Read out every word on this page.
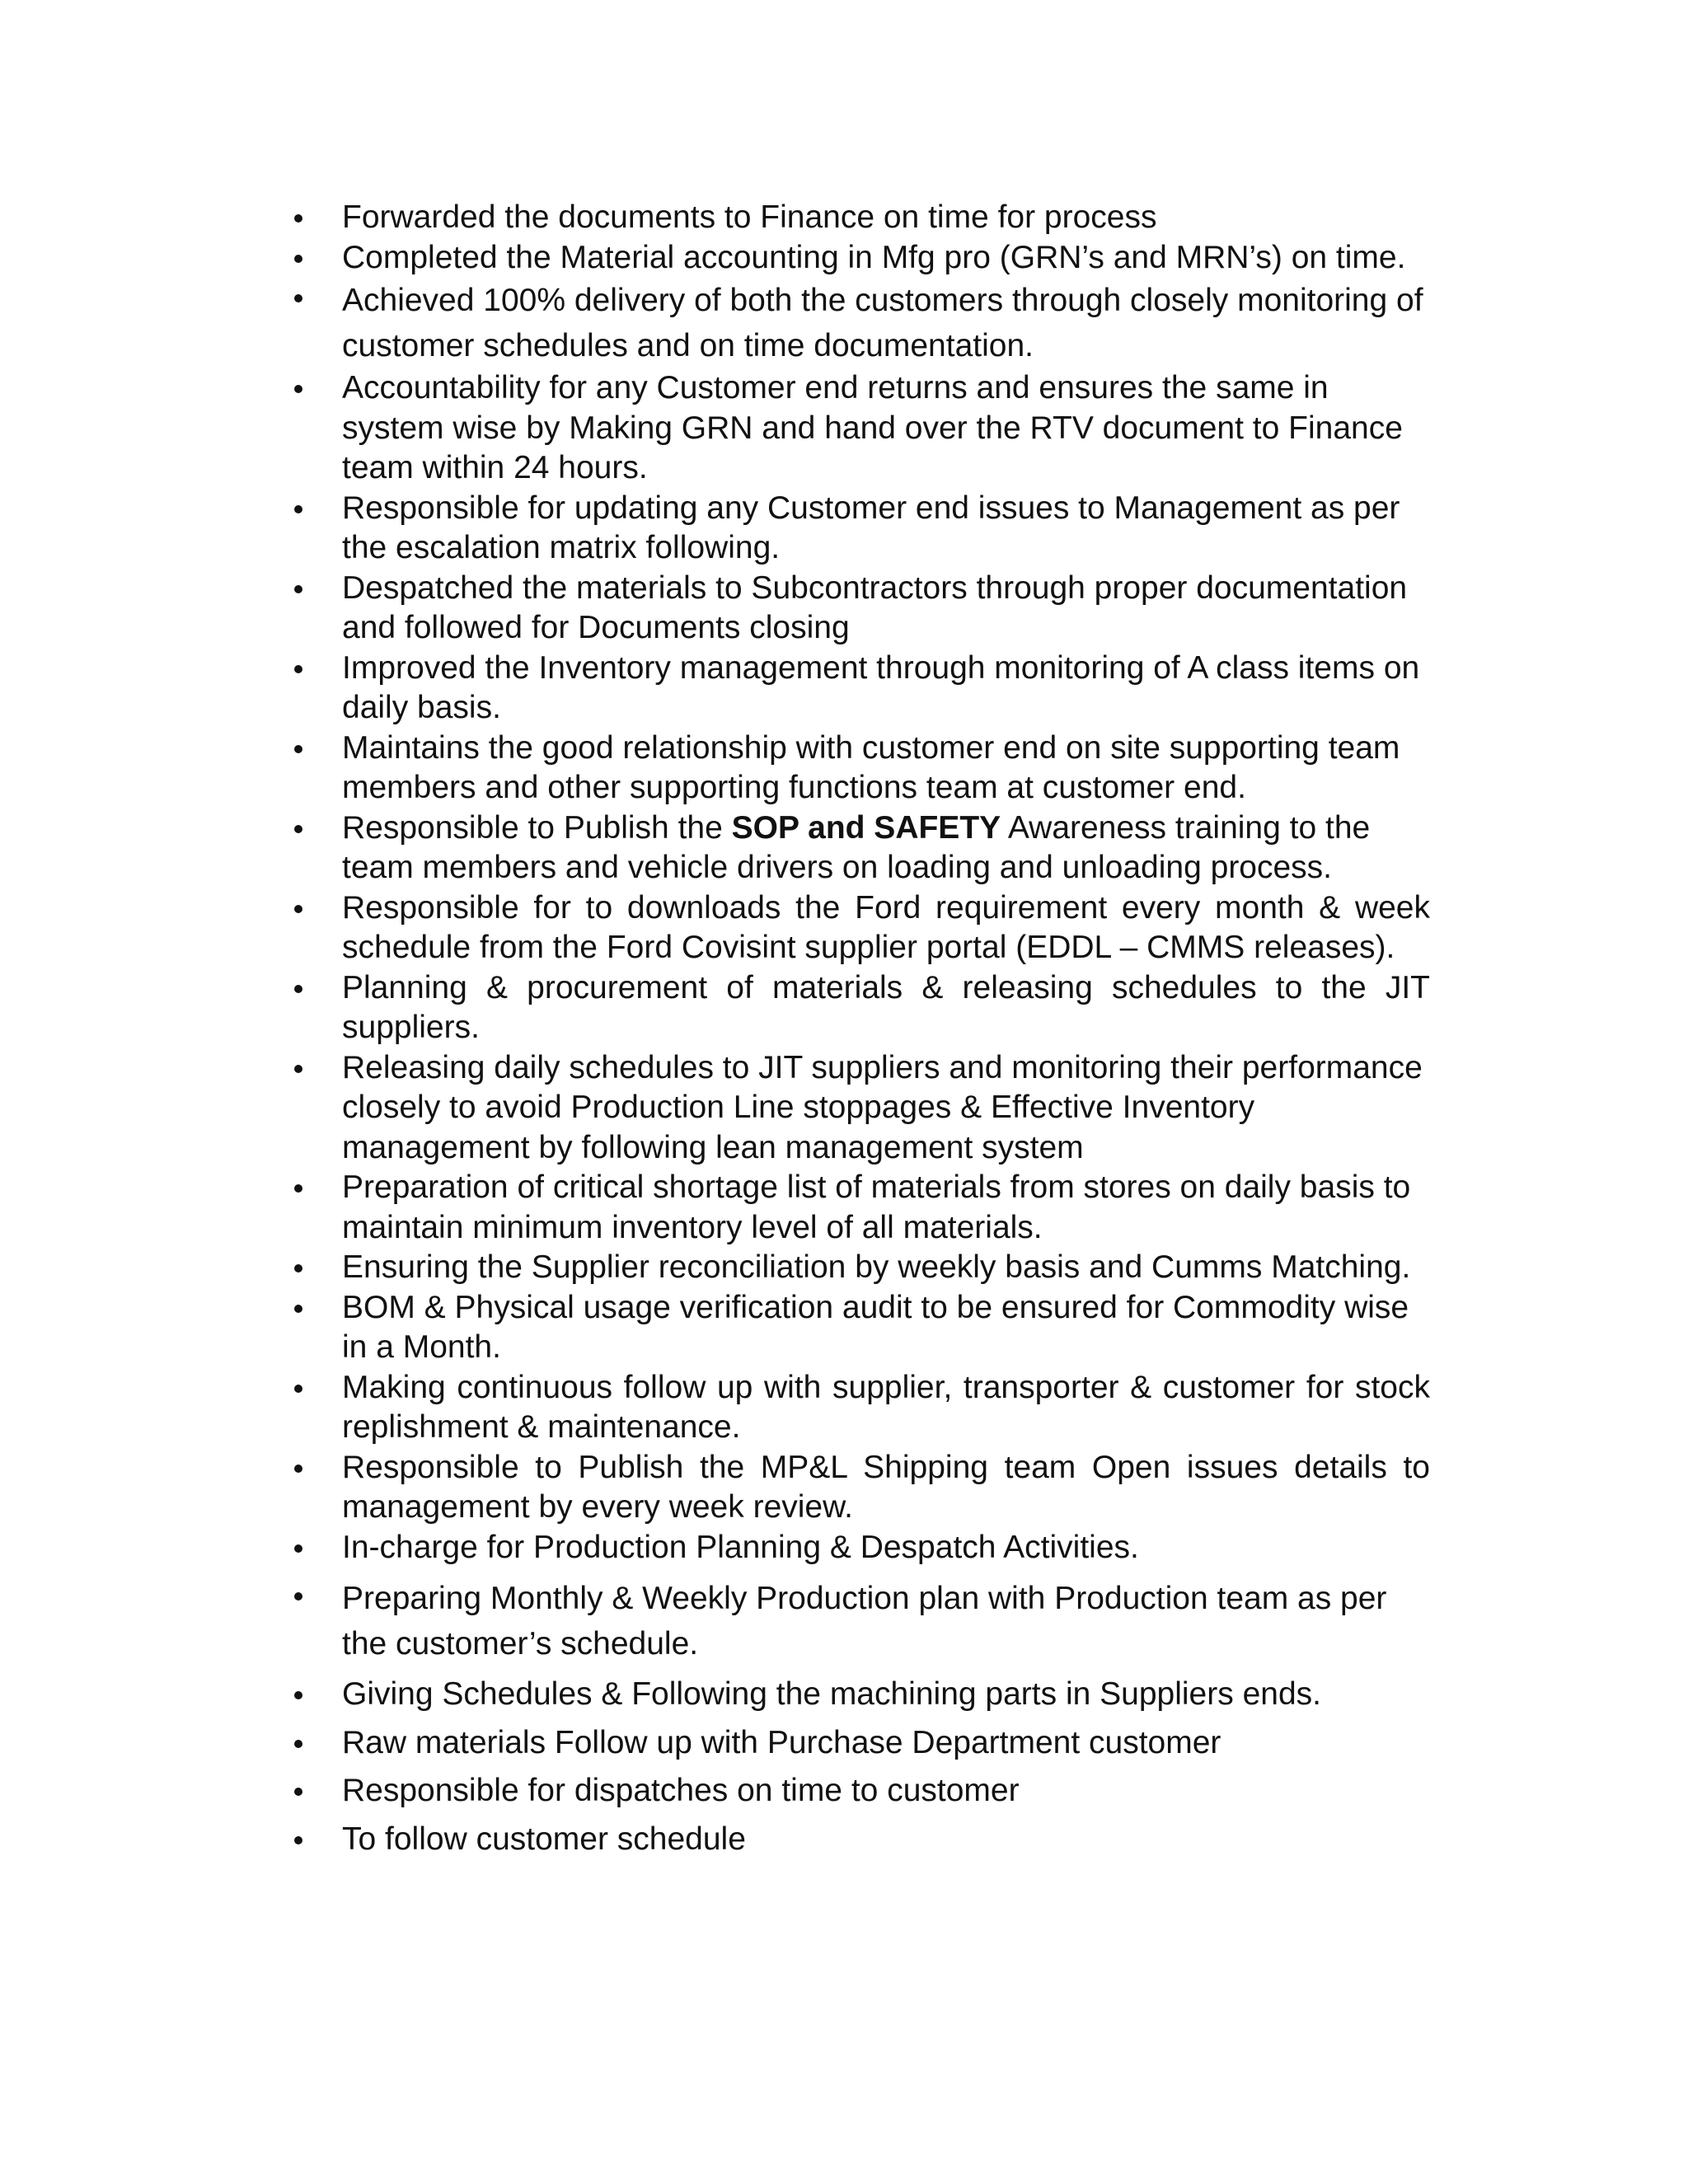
Forwarded the documents to Finance on time for process
Completed the Material accounting in Mfg pro (GRN’s and MRN’s) on time.
Achieved 100% delivery of both the customers through closely monitoring of customer schedules and on time documentation.
Accountability for any Customer end returns and ensures the same in system wise by Making GRN and hand over the RTV document to Finance team within 24 hours.
Responsible for updating any Customer end issues to Management as per the escalation matrix following.
Despatched the materials to Subcontractors through proper documentation and followed for Documents closing
Improved the Inventory management through monitoring of A class items on daily basis.
Maintains the good relationship with customer end on site supporting team members and other supporting functions team at customer end.
Responsible to Publish the SOP and SAFETY Awareness training to the team members and vehicle drivers on loading and unloading process.
Responsible for to downloads the Ford requirement every month & week schedule from the Ford Covisint supplier portal (EDDL – CMMS releases).
Planning & procurement of materials & releasing schedules to the JIT suppliers.
Releasing daily schedules to JIT suppliers and monitoring their performance closely to avoid Production Line stoppages & Effective Inventory management by following lean management system
Preparation of critical shortage list of materials from stores on daily basis to maintain minimum inventory level of all materials.
Ensuring the Supplier reconciliation by weekly basis and Cumms Matching.
BOM & Physical usage verification audit to be ensured for Commodity wise in a Month.
Making continuous follow up with supplier, transporter & customer for stock replishment & maintenance.
Responsible to Publish the MP&L Shipping team Open issues details to management by every week review.
In-charge for Production Planning & Despatch Activities.
Preparing Monthly & Weekly Production plan with Production team as per the customer’s schedule.
Giving Schedules & Following the machining parts in Suppliers ends.
Raw materials Follow up with Purchase Department customer
Responsible for dispatches on time to customer
To follow customer schedule
